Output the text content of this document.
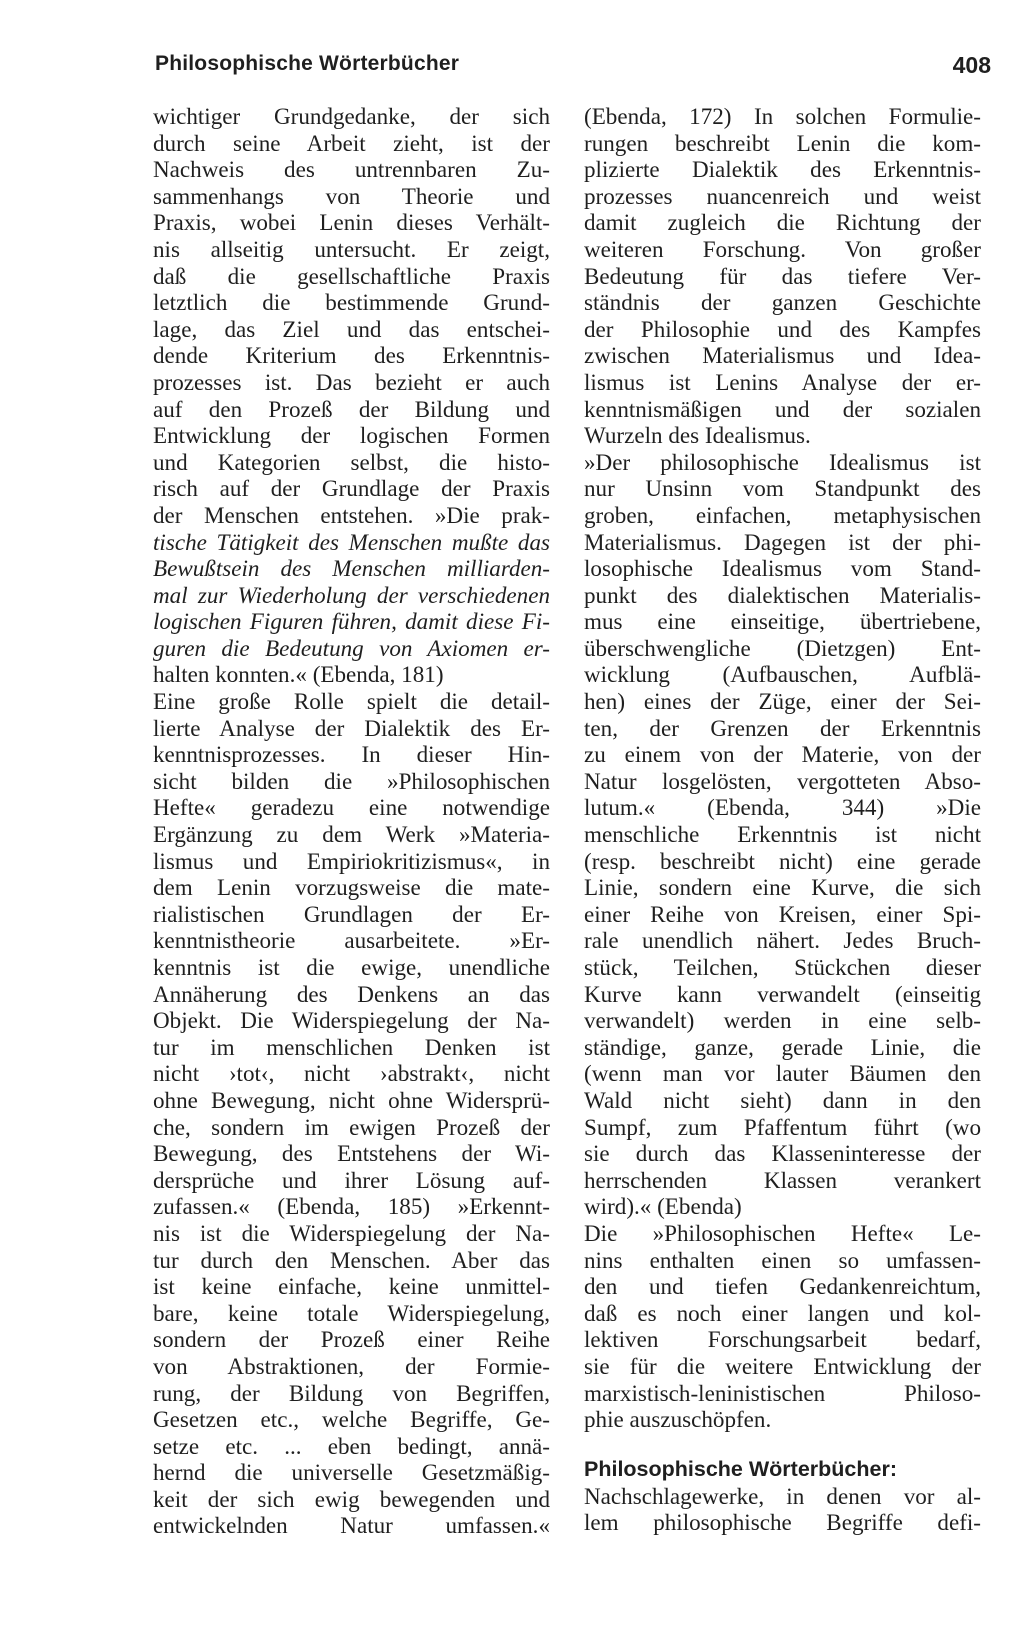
Philosophische Wörterbücher	408
wichtiger Grundgedanke, der sich
durch seine Arbeit zieht, ist der
Nachweis des untrennbaren Zu-
sammenhangs von Theorie und
Praxis, wobei Lenin dieses Verhält-
nis allseitig untersucht. Er zeigt,
daß die gesellschaftliche Praxis
letztlich die bestimmende Grund-
lage, das Ziel und das entschei-
dende Kriterium des Erkenntnis-
prozesses ist. Das bezieht er auch
auf den Prozeß der Bildung und
Entwicklung der logischen Formen
und Kategorien selbst, die histo-
risch auf der Grundlage der Praxis
der Menschen entstehen. »Die prak-
tische Tätigkeit des Menschen mußte das
Bewußtsein des Menschen milliarden-
mal zur Wiederholung der verschiedenen
logischen Figuren führen, damit diese Fi-
guren die Bedeutung von Axiomen er-
halten konnten.« (Ebenda, 181)
Eine große Rolle spielt die detail-
lierte Analyse der Dialektik des Er-
kenntnisprozesses. In dieser Hin-
sicht bilden die »Philosophischen
Hefte« geradezu eine notwendige
Ergänzung zu dem Werk »Materia-
lismus und Empiriokritizismus«, in
dem Lenin vorzugsweise die mate-
rialistischen Grundlagen der Er-
kenntnistheorie ausarbeitete. »Er-
kenntnis ist die ewige, unendliche
Annäherung des Denkens an das
Objekt. Die Widerspiegelung der Na-
tur im menschlichen Denken ist
nicht ›tot‹, nicht ›abstrakt‹, nicht
ohne Bewegung, nicht ohne Widersprü-
che, sondern im ewigen Prozeß der
Bewegung, des Entstehens der Wi-
dersprüche und ihrer Lösung auf-
zufassen.« (Ebenda, 185) »Erkennt-
nis ist die Widerspiegelung der Na-
tur durch den Menschen. Aber das
ist keine einfache, keine unmittel-
bare, keine totale Widerspiegelung,
sondern der Prozeß einer Reihe
von Abstraktionen, der Formie-
rung, der Bildung von Begriffen,
Gesetzen etc., welche Begriffe, Ge-
setze etc. ... eben bedingt, annä-
hernd die universelle Gesetzmäßig-
keit der sich ewig bewegenden und
entwickelnden Natur umfassen.«
(Ebenda, 172) In solchen Formulie-
rungen beschreibt Lenin die kom-
plizierte Dialektik des Erkenntnis-
prozesses nuancenreich und weist
damit zugleich die Richtung der
weiteren Forschung. Von großer
Bedeutung für das tiefere Ver-
ständnis der ganzen Geschichte
der Philosophie und des Kampfes
zwischen Materialismus und Idea-
lismus ist Lenins Analyse der er-
kenntnismäßigen und der sozialen
Wurzeln des Idealismus.
»Der philosophische Idealismus ist
nur Unsinn vom Standpunkt des
groben, einfachen, metaphysischen
Materialismus. Dagegen ist der phi-
losophische Idealismus vom Stand-
punkt des dialektischen Materialis-
mus eine einseitige, übertriebene,
überschwengliche (Dietzgen) Ent-
wicklung (Aufbauschen, Aufblä-
hen) eines der Züge, einer der Sei-
ten, der Grenzen der Erkenntnis
zu einem von der Materie, von der
Natur losgelösten, vergotteten Abso-
lutum.« (Ebenda, 344) »Die
menschliche Erkenntnis ist nicht
(resp. beschreibt nicht) eine gerade
Linie, sondern eine Kurve, die sich
einer Reihe von Kreisen, einer Spi-
rale unendlich nähert. Jedes Bruch-
stück, Teilchen, Stückchen dieser
Kurve kann verwandelt (einseitig
verwandelt) werden in eine selb-
ständige, ganze, gerade Linie, die
(wenn man vor lauter Bäumen den
Wald nicht sieht) dann in den
Sumpf, zum Pfaffentum führt (wo
sie durch das Klasseninteresse der
herrschenden Klassen verankert
wird).« (Ebenda)
Die »Philosophischen Hefte« Le-
nins enthalten einen so umfassen-
den und tiefen Gedankenreichtum,
daß es noch einer langen und kol-
lektiven Forschungsarbeit bedarf,
sie für die weitere Entwicklung der
marxistisch-leninistischen Philoso-
phie auszuschöpfen.
Philosophische Wörterbücher:
Nachschlagewerke, in denen vor al-
lem philosophische Begriffe defi-
